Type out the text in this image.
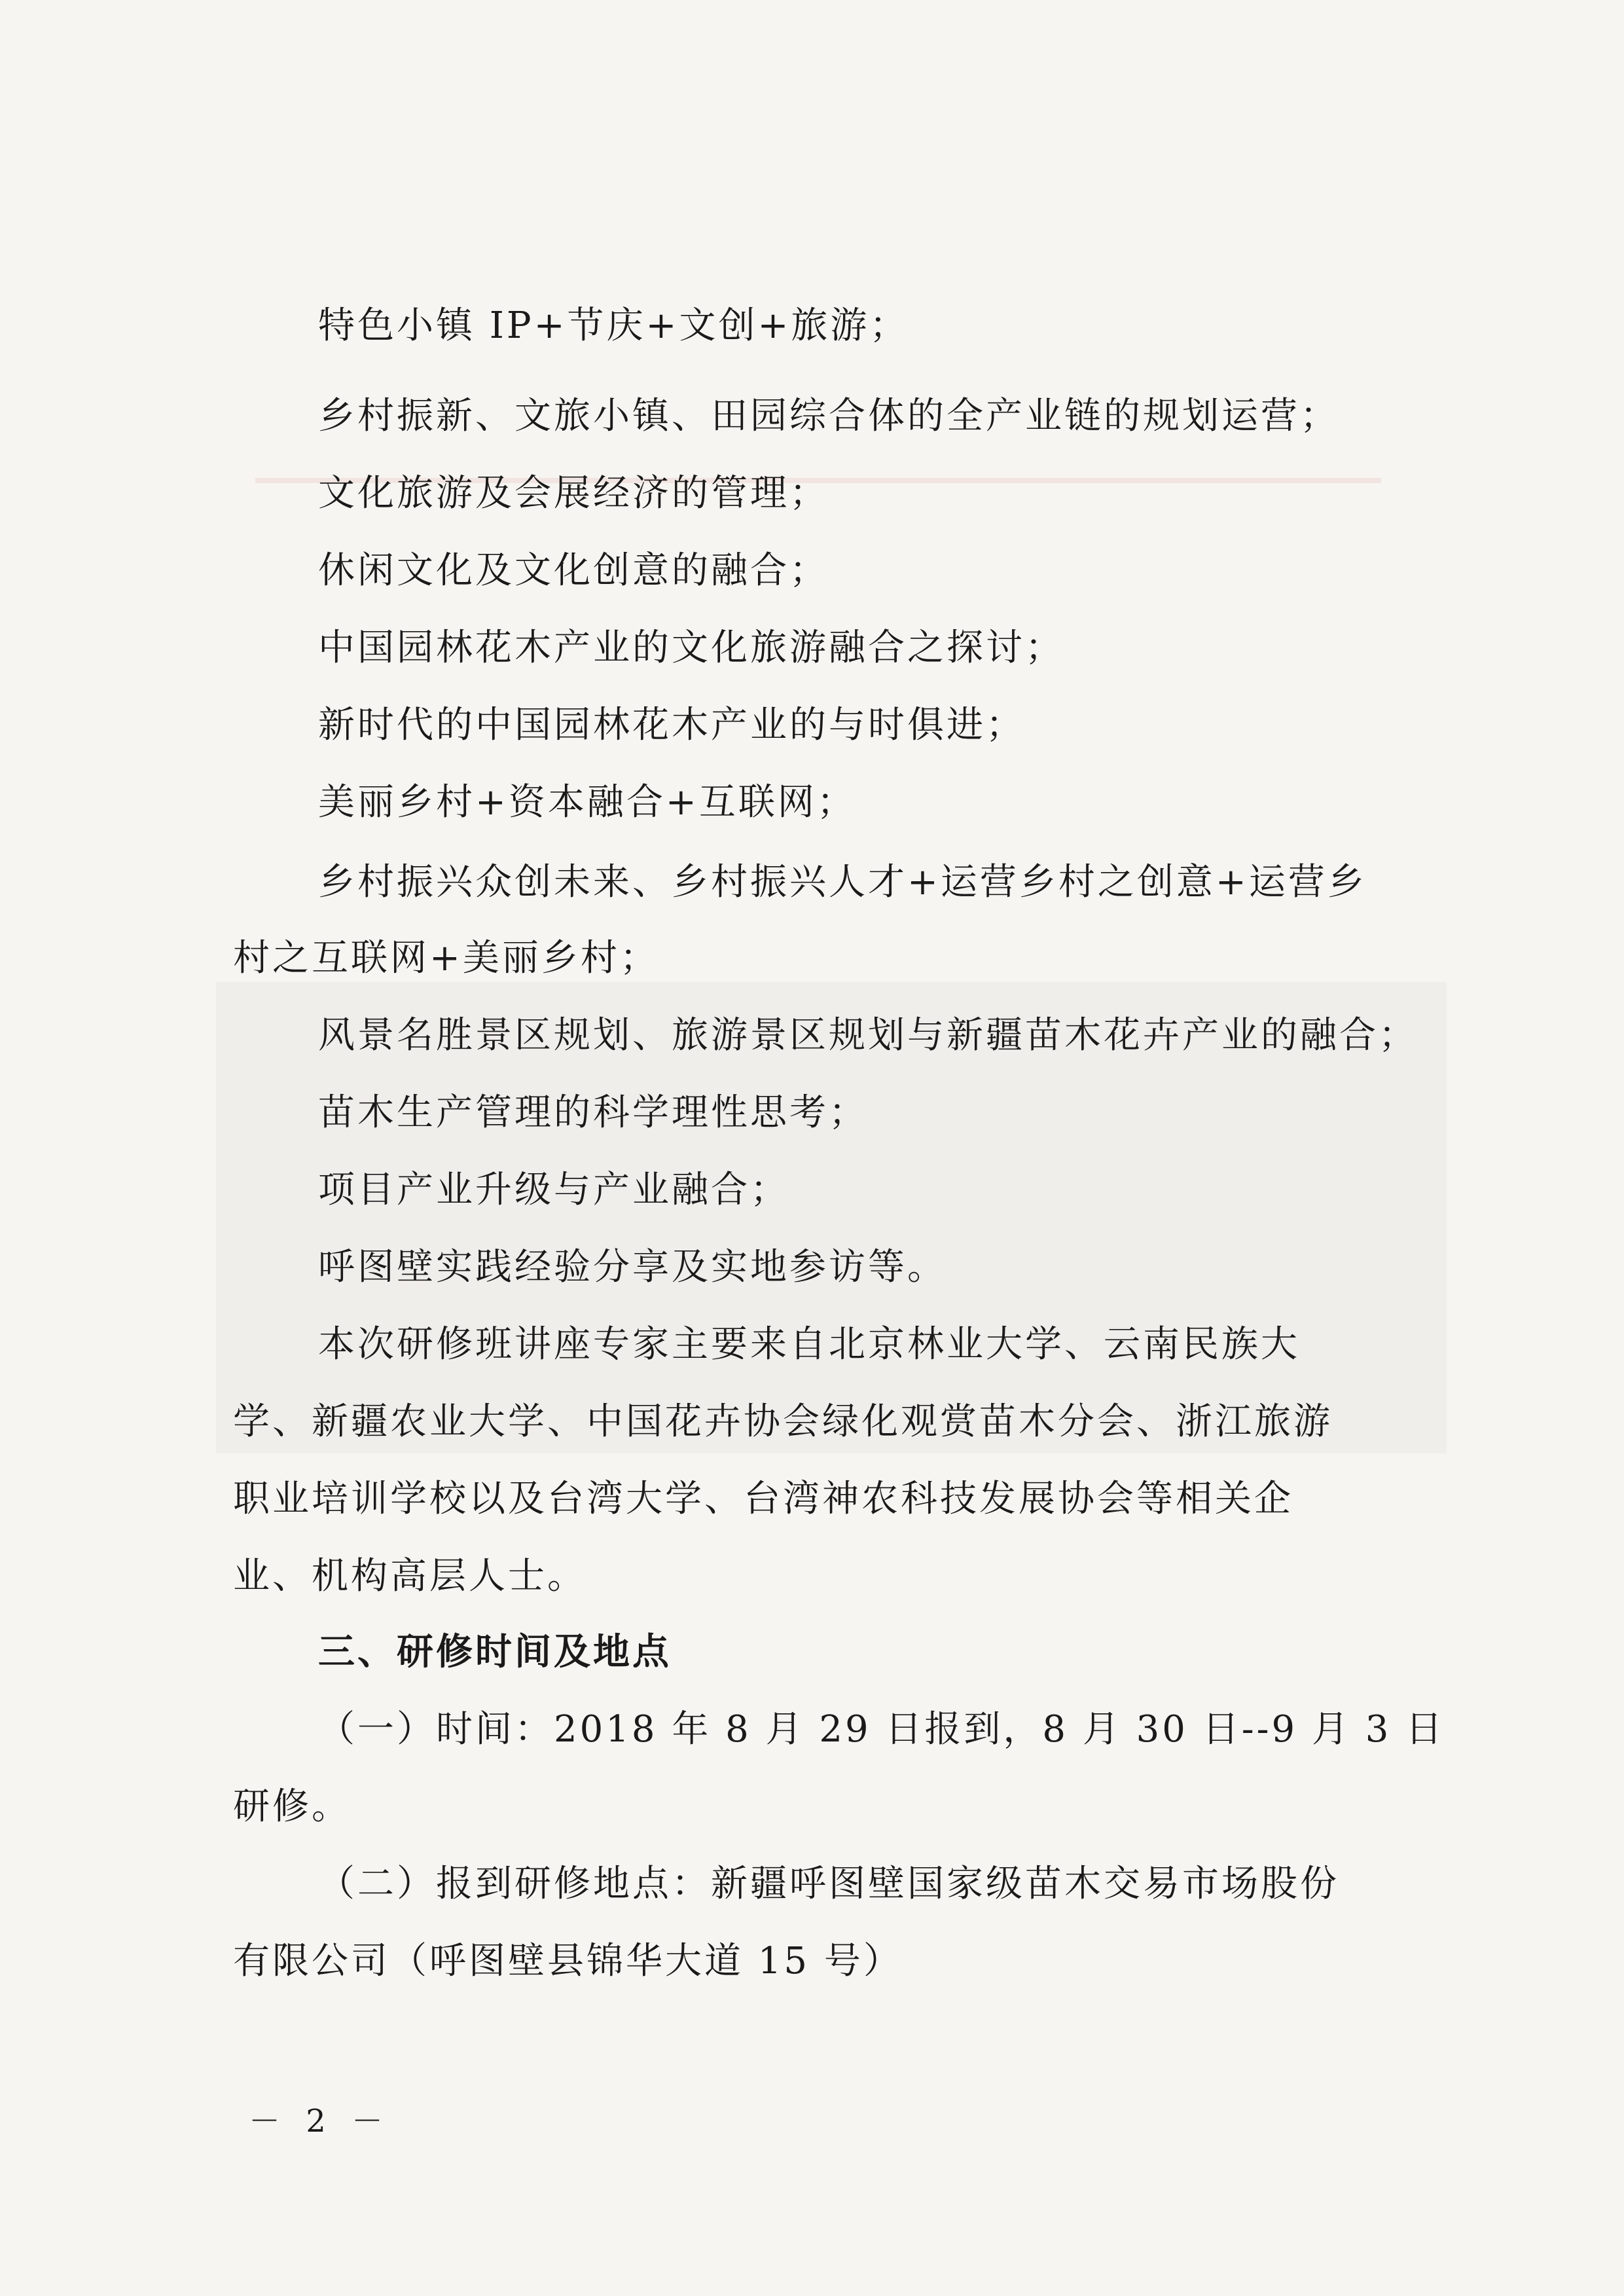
特色小镇 IP+节庆+文创+旅游；
乡村振新、文旅小镇、田园综合体的全产业链的规划运营；
文化旅游及会展经济的管理；
休闲文化及文化创意的融合；
中国园林花木产业的文化旅游融合之探讨；
新时代的中国园林花木产业的与时俱进；
美丽乡村+资本融合+互联网；
乡村振兴众创未来、乡村振兴人才+运营乡村之创意+运营乡
村之互联网+美丽乡村；
风景名胜景区规划、旅游景区规划与新疆苗木花卉产业的融合；
苗木生产管理的科学理性思考；
项目产业升级与产业融合；
呼图壁实践经验分享及实地参访等。
本次研修班讲座专家主要来自北京林业大学、云南民族大
学、新疆农业大学、中国花卉协会绿化观赏苗木分会、浙江旅游
职业培训学校以及台湾大学、台湾神农科技发展协会等相关企
业、机构高层人士。
三、研修时间及地点
（一）时间：2018 年 8 月 29 日报到，8 月 30 日--9 月 3 日
研修。
（二）报到研修地点：新疆呼图壁国家级苗木交易市场股份
有限公司（呼图壁县锦华大道 15 号）
－ 2 －
